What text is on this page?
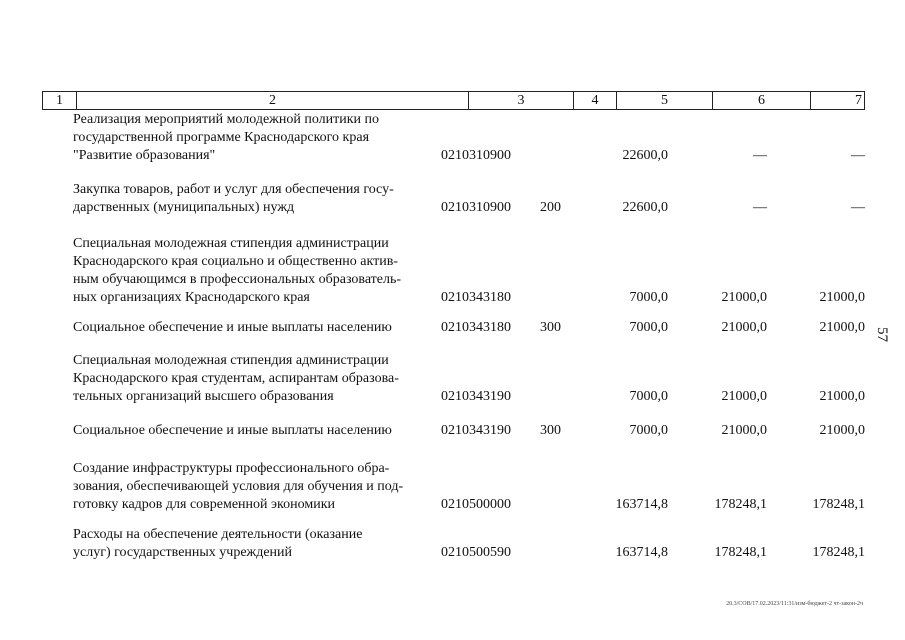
1	2	3	4	5	6	7
Реализация мероприятий молодежной политики по
государственной программе Краснодарского края
"Развитие образования"	0210310900	22600,0	—	—
Закупка товаров, работ и услуг для обеспечения госу-
дарственных (муниципальных) нужд	0210310900 200	22600,0	—	—
Специальная молодежная стипендия администрации
Краснодарского края социально и общественно актив-
ным обучающимся в профессиональных образователь-
ных организациях Краснодарского края	0210343180	7000,0	21000,0	21000,0
Социальное обеспечение и иные выплаты населению	0210343180 300	7000,0	21000,0	21000,0
Специальная молодежная стипендия администрации
Краснодарского края студентам, аспирантам образова-
тельных организаций высшего образования	0210343190	7000,0	21000,0	21000,0
Социальное обеспечение и иные выплаты населению	0210343190 300	7000,0	21000,0	21000,0
Создание инфраструктуры профессионального обра-
зования, обеспечивающей условия для обучения и под-
готовку кадров для современной экономики	0210500000	163714,8	178248,1	178248,1
Расходы на обеспечение деятельности (оказание
услуг) государственных учреждений	0210500590	163714,8	178248,1	178248,1
57
20.3/СОВ/17.02.2023/11:31/изм-бюджет-2 чт-закон-2ч
